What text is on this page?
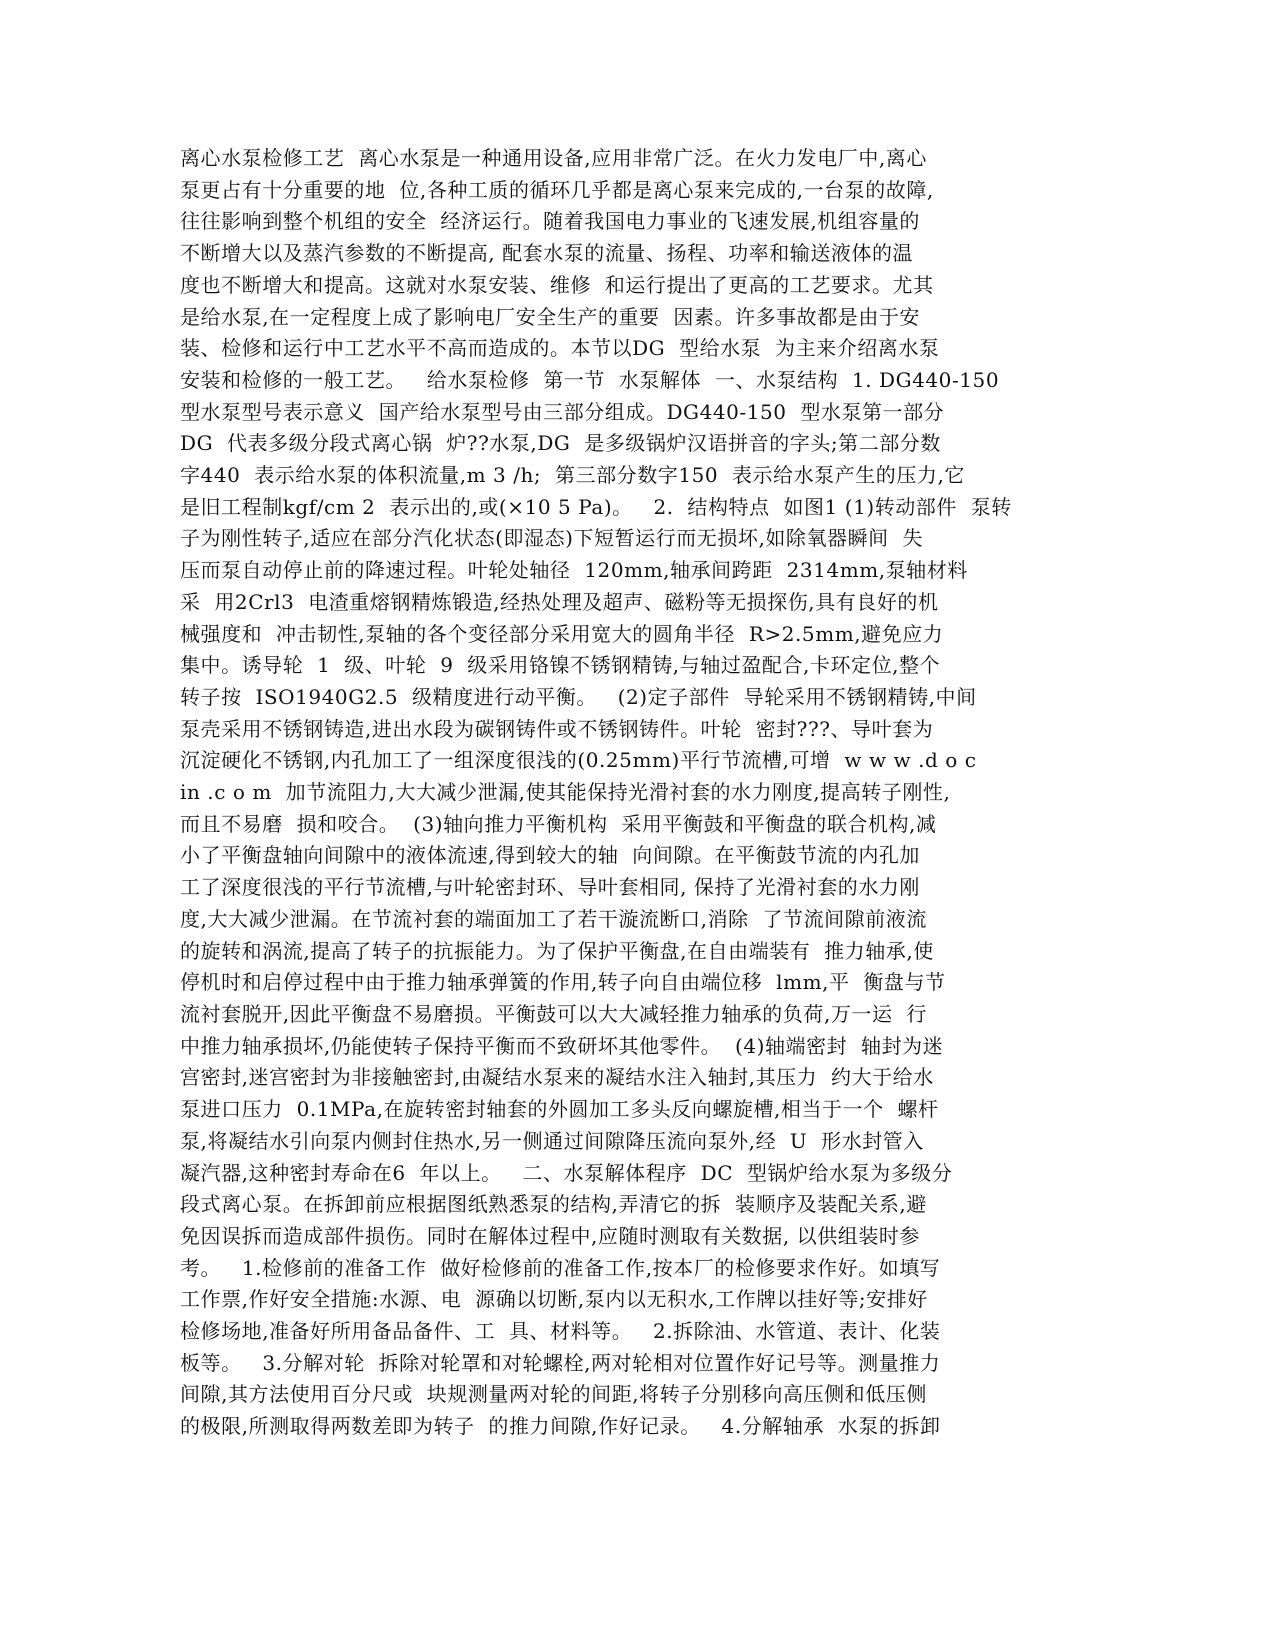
离心水泵检修工艺  离心水泵是一种通用设备,应用非常广泛。在火力发电厂中,离心
泵更占有十分重要的地  位,各种工质的循环几乎都是离心泵来完成的,一台泵的故障,
往往影响到整个机组的安全  经济运行。随着我国电力事业的飞速发展,机组容量的
不断增大以及蒸汽参数的不断提高, 配套水泵的流量、扬程、功率和输送液体的温
度也不断增大和提高。这就对水泵安装、维修  和运行提出了更高的工艺要求。尤其
是给水泵,在一定程度上成了影响电厂安全生产的重要  因素。许多事故都是由于安
装、检修和运行中工艺水平不高而造成的。本节以DG  型给水泵  为主来介绍离水泵
安装和检修的一般工艺。   给水泵检修  第一节  水泵解体  一、水泵结构  1. DG440-150
型水泵型号表示意义  国产给水泵型号由三部分组成。DG440-150  型水泵第一部分
DG  代表多级分段式离心锅  炉??水泵,DG  是多级锅炉汉语拼音的字头;第二部分数
字440  表示给水泵的体积流量,m 3 /h;  第三部分数字150  表示给水泵产生的压力,它
是旧工程制kgf/cm 2  表示出的,或(×10 5 Pa)。   2.  结构特点  如图1 (1)转动部件  泵转
子为刚性转子,适应在部分汽化状态(即湿态)下短暂运行而无损坏,如除氧器瞬间  失
压而泵自动停止前的降速过程。叶轮处轴径  120mm,轴承间跨距  2314mm,泵轴材料
采  用2Crl3  电渣重熔钢精炼锻造,经热处理及超声、磁粉等无损探伤,具有良好的机
械强度和  冲击韧性,泵轴的各个变径部分采用宽大的圆角半径  R>2.5mm,避免应力
集中。诱导轮  1  级、叶轮  9  级采用铬镍不锈钢精铸,与轴过盈配合,卡环定位,整个
转子按  ISO1940G2.5  级精度进行动平衡。   (2)定子部件  导轮采用不锈钢精铸,中间
泵壳采用不锈钢铸造,进出水段为碳钢铸件或不锈钢铸件。叶轮  密封???、导叶套为
沉淀硬化不锈钢,内孔加工了一组深度很浅的(0.25mm)平行节流槽,可增  w w w .d o c
in .c o m  加节流阻力,大大减少泄漏,使其能保持光滑衬套的水力刚度,提高转子刚性,
而且不易磨  损和咬合。  (3)轴向推力平衡机构  采用平衡鼓和平衡盘的联合机构,减
小了平衡盘轴向间隙中的液体流速,得到较大的轴  向间隙。在平衡鼓节流的内孔加
工了深度很浅的平行节流槽,与叶轮密封环、导叶套相同, 保持了光滑衬套的水力刚
度,大大减少泄漏。在节流衬套的端面加工了若干漩流断口,消除  了节流间隙前液流
的旋转和涡流,提高了转子的抗振能力。为了保护平衡盘,在自由端装有  推力轴承,使
停机时和启停过程中由于推力轴承弹簧的作用,转子向自由端位移  lmm,平  衡盘与节
流衬套脱开,因此平衡盘不易磨损。平衡鼓可以大大减轻推力轴承的负荷,万一运  行
中推力轴承损坏,仍能使转子保持平衡而不致研坏其他零件。  (4)轴端密封  轴封为迷
宫密封,迷宫密封为非接触密封,由凝结水泵来的凝结水注入轴封,其压力  约大于给水
泵进口压力  0.1MPa,在旋转密封轴套的外圆加工多头反向螺旋槽,相当于一个  螺杆
泵,将凝结水引向泵内侧封住热水,另一侧通过间隙降压流向泵外,经  U  形水封管入
凝汽器,这种密封寿命在6  年以上。   二、水泵解体程序  DC  型锅炉给水泵为多级分
段式离心泵。在拆卸前应根据图纸熟悉泵的结构,弄清它的拆  装顺序及装配关系,避
免因误拆而造成部件损伤。同时在解体过程中,应随时测取有关数据, 以供组装时参
考。   1.检修前的准备工作  做好检修前的准备工作,按本厂的检修要求作好。如填写
工作票,作好安全措施:水源、电  源确以切断,泵内以无积水,工作牌以挂好等;安排好
检修场地,准备好所用备品备件、工  具、材料等。   2.拆除油、水管道、表计、化装
板等。   3.分解对轮  拆除对轮罩和对轮螺栓,两对轮相对位置作好记号等。测量推力
间隙,其方法使用百分尺或  块规测量两对轮的间距,将转子分别移向高压侧和低压侧
的极限,所测取得两数差即为转子  的推力间隙,作好记录。   4.分解轴承  水泵的拆卸
